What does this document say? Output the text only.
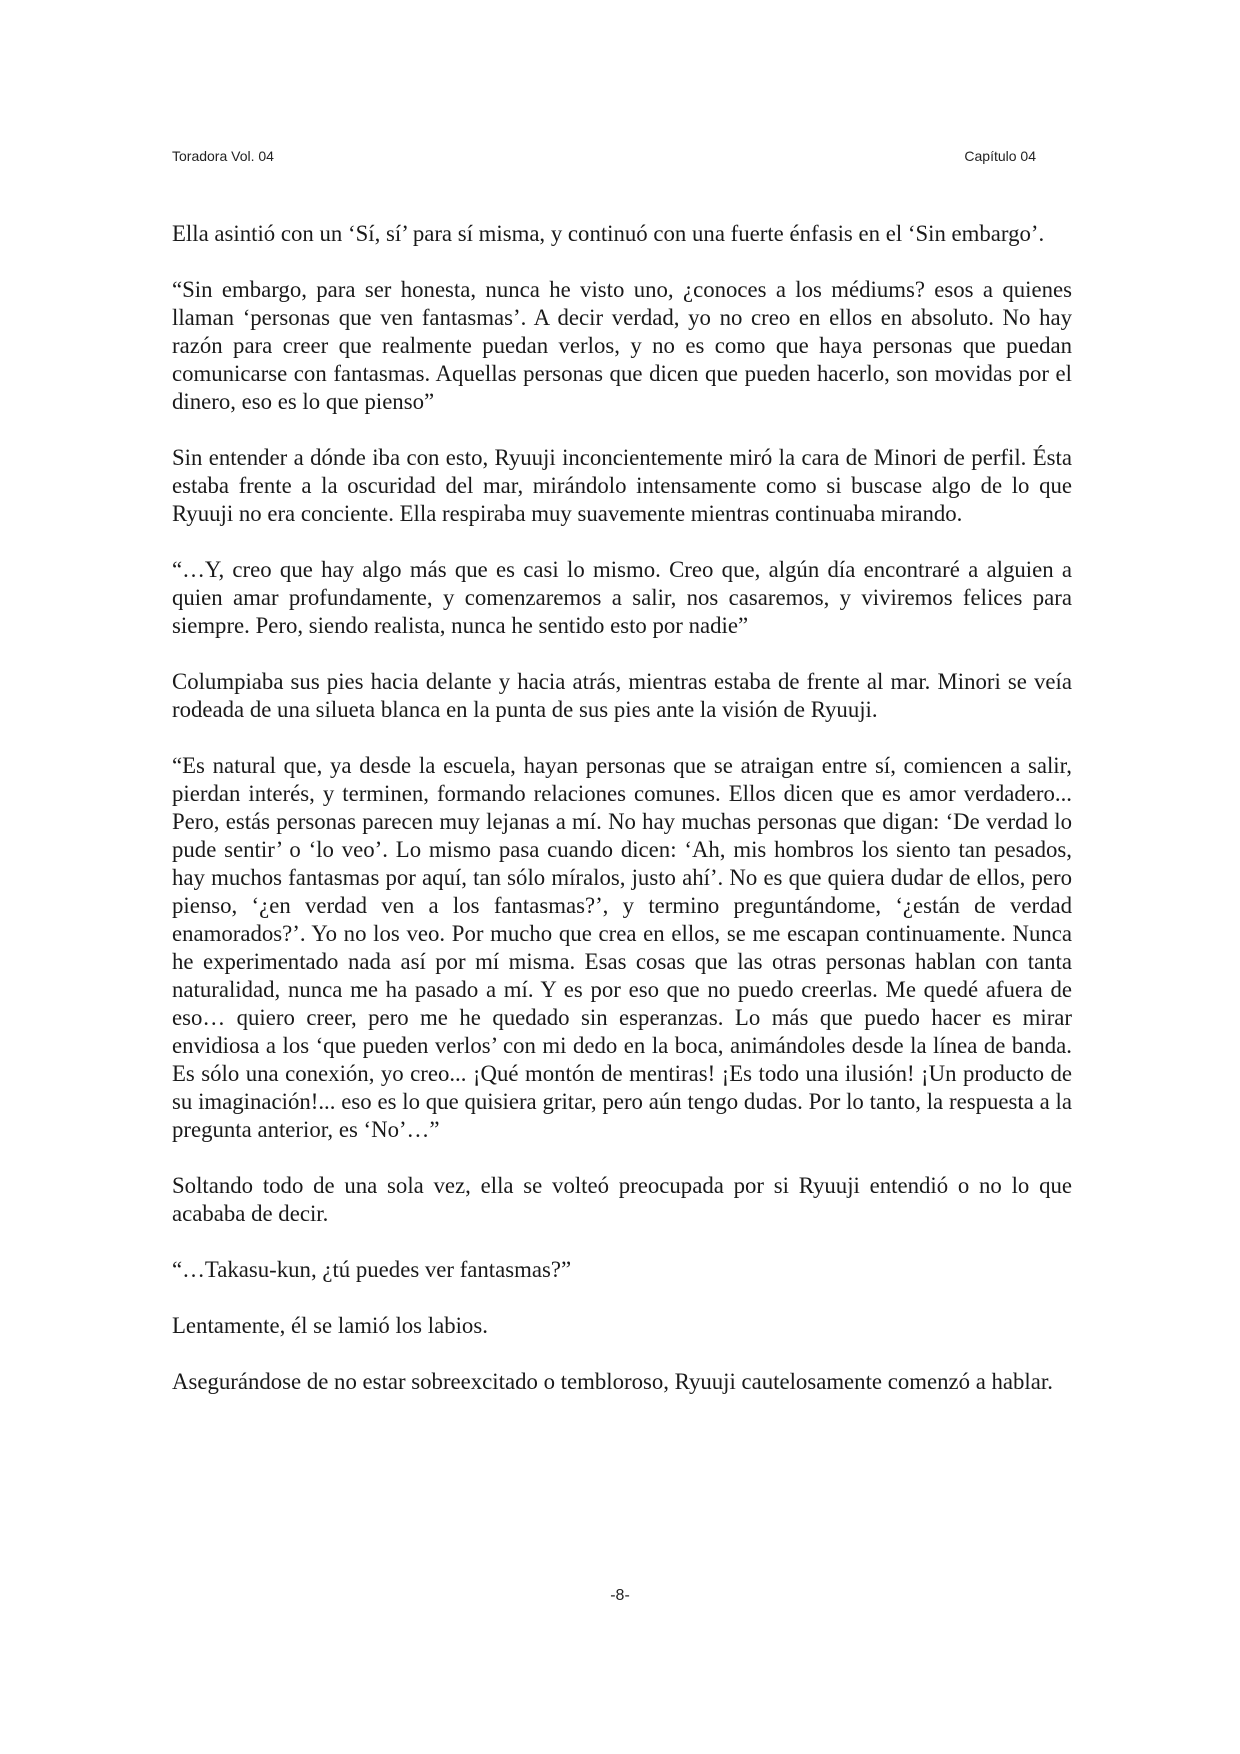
Toradora Vol. 04	Capítulo 04

Ella asintió con un ‘Sí, sí’ para sí misma, y continuó con una fuerte énfasis en el ‘Sin embargo’.

“Sin embargo, para ser honesta, nunca he visto uno, ¿conoces a los médiums? esos a quienes llaman ‘personas que ven fantasmas’. A decir verdad, yo no creo en ellos en absoluto. No hay razón para creer que realmente puedan verlos, y no es como que haya personas que puedan comunicarse con fantasmas. Aquellas personas que dicen que pueden hacerlo, son movidas por el dinero, eso es lo que pienso”

Sin entender a dónde iba con esto, Ryuuji inconcientemente miró la cara de Minori de perfil. Ésta estaba frente a la oscuridad del mar, mirándolo intensamente como si buscase algo de lo que Ryuuji no era conciente. Ella respiraba muy suavemente mientras continuaba mirando.

“…Y, creo que hay algo más que es casi lo mismo. Creo que, algún día encontraré a alguien a quien amar profundamente, y comenzaremos a salir, nos casaremos, y viviremos felices para siempre. Pero, siendo realista, nunca he sentido esto por nadie”

Columpiaba sus pies hacia delante y hacia atrás, mientras estaba de frente al mar. Minori se veía rodeada de una silueta blanca en la punta de sus pies ante la visión de Ryuuji.

“Es natural que, ya desde la escuela, hayan personas que se atraigan entre sí, comiencen a salir, pierdan interés, y terminen, formando relaciones comunes. Ellos dicen que es amor verdadero... Pero, estás personas parecen muy lejanas a mí. No hay muchas personas que digan: ‘De verdad lo pude sentir’ o ‘lo veo’. Lo mismo pasa cuando dicen: ‘Ah, mis hombros los siento tan pesados, hay muchos fantasmas por aquí, tan sólo míralos, justo ahí’. No es que quiera dudar de ellos, pero pienso, ‘¿en verdad ven a los fantasmas?’, y termino preguntándome, ‘¿están de verdad enamorados?’. Yo no los veo. Por mucho que crea en ellos, se me escapan continuamente. Nunca he experimentado nada así por mí misma. Esas cosas que las otras personas hablan con tanta naturalidad, nunca me ha pasado a mí. Y es por eso que no puedo creerlas. Me quedé afuera de eso… quiero creer, pero me he quedado sin esperanzas. Lo más que puedo hacer es mirar envidiosa a los ‘que pueden verlos’ con mi dedo en la boca, animándoles desde la línea de banda. Es sólo una conexión, yo creo... ¡Qué montón de mentiras! ¡Es todo una ilusión! ¡Un producto de su imaginación!... eso es lo que quisiera gritar, pero aún tengo dudas. Por lo tanto, la respuesta a la pregunta anterior, es ‘No’…”

Soltando todo de una sola vez, ella se volteó preocupada por si Ryuuji entendió o no lo que acababa de decir.

“…Takasu-kun, ¿tú puedes ver fantasmas?”

Lentamente, él se lamió los labios.

Asegurándose de no estar sobreexcitado o tembloroso, Ryuuji cautelosamente comenzó a hablar.

-8-
